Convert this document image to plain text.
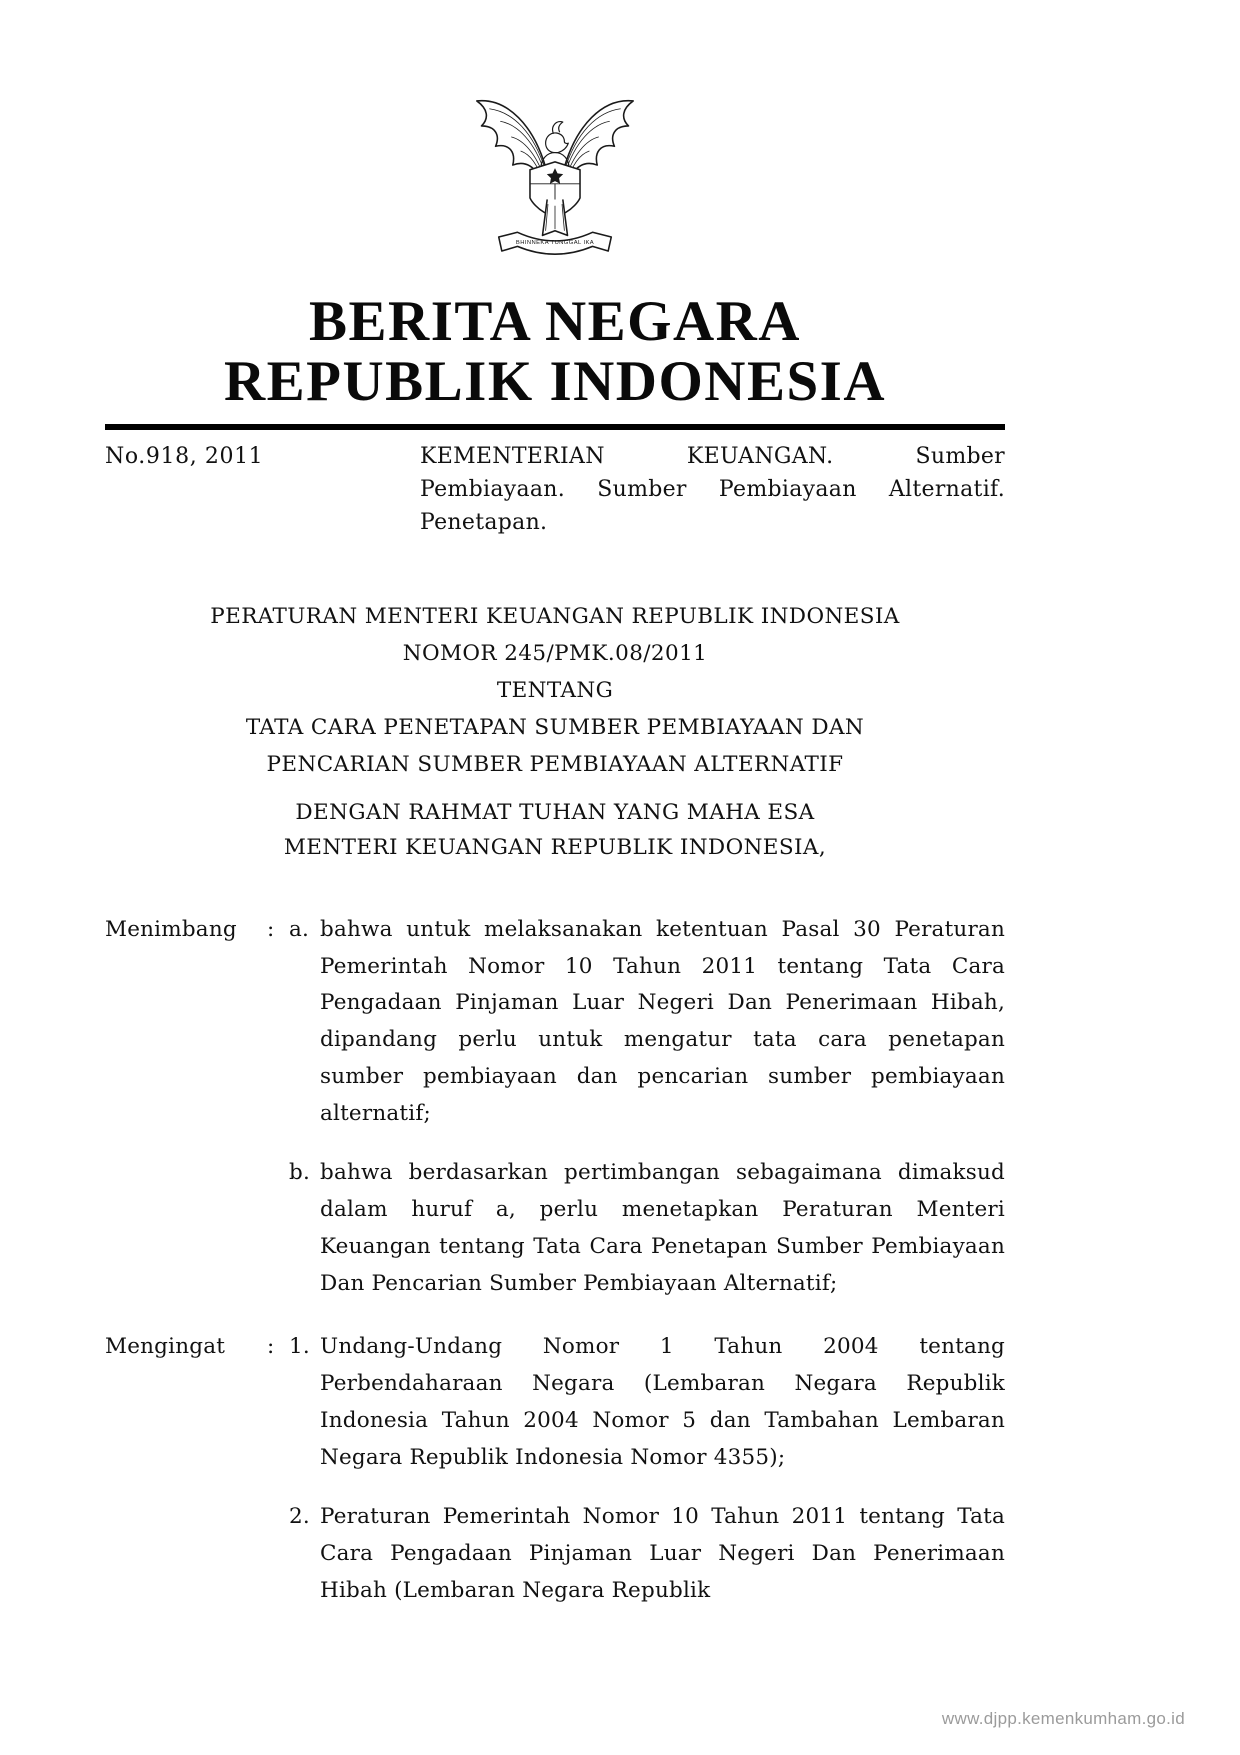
BHINNEKA TUNGGAL IKA
BERITA NEGARA
REPUBLIK INDONESIA
No.918, 2011	KEMENTERIAN KEUANGAN. Sumber
Pembiayaan. Sumber Pembiayaan Alternatif.
Penetapan.
PERATURAN MENTERI KEUANGAN REPUBLIK INDONESIA
NOMOR 245/PMK.08/2011
TENTANG
TATA CARA PENETAPAN SUMBER PEMBIAYAAN DAN
PENCARIAN SUMBER PEMBIAYAAN ALTERNATIF
DENGAN RAHMAT TUHAN YANG MAHA ESA
MENTERI KEUANGAN REPUBLIK INDONESIA,
Menimbang	: a. bahwa untuk melaksanakan ketentuan Pasal 30 Peraturan Pemerintah Nomor 10 Tahun 2011 tentang Tata Cara Pengadaan Pinjaman Luar Negeri Dan Penerimaan Hibah, dipandang perlu untuk mengatur tata cara penetapan sumber pembiayaan dan pencarian sumber pembiayaan alternatif;
b. bahwa berdasarkan pertimbangan sebagaimana dimaksud dalam huruf a, perlu menetapkan Peraturan Menteri Keuangan tentang Tata Cara Penetapan Sumber Pembiayaan Dan Pencarian Sumber Pembiayaan Alternatif;
Mengingat	: 1. Undang-Undang Nomor 1 Tahun 2004 tentang Perbendaharaan Negara (Lembaran Negara Republik Indonesia Tahun 2004 Nomor 5 dan Tambahan Lembaran Negara Republik Indonesia Nomor 4355);
2. Peraturan Pemerintah Nomor 10 Tahun 2011 tentang Tata Cara Pengadaan Pinjaman Luar Negeri Dan Penerimaan Hibah (Lembaran Negara Republik
www.djpp.kemenkumham.go.id
